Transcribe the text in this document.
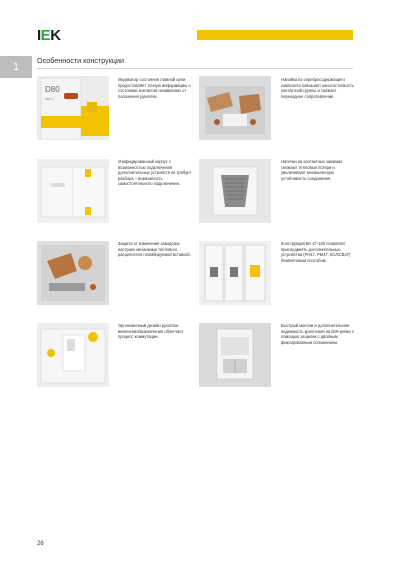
IEK
1
Особенности конструкции
D80
400 V~
Индикатор состояния главной цепи предоставляет точную информацию о состоянии контактов независимо от положения рукоятки.
Напайка из серебросодержащего композита повышает износостойкость контактной группы и снижает переходное сопротивление.
Унифицированный корпус с возможностью подключения дополнительных устройств не требует разбора – возможность самостоятельного подключения.
Насечки на контактных зажимах снижают тепловые потери и увеличивают механическую устойчивость соединения.
Защита от изменения заводских настроек механизма теплового расцепителя пломбируемой вставкой.
Конструкция ВА 47-100 позволяет присоединять дополнительные устройства (РН47, РМ47, КС/КСВ47) безвинтовым способом.
Эргономичный дизайн рукоятки включения/выключения облегчает процесс коммутации.
Быстрый монтаж и дополнительная надежность крепления на DIN-рейке с помощью защелки с двойным фиксированным положением.
26
